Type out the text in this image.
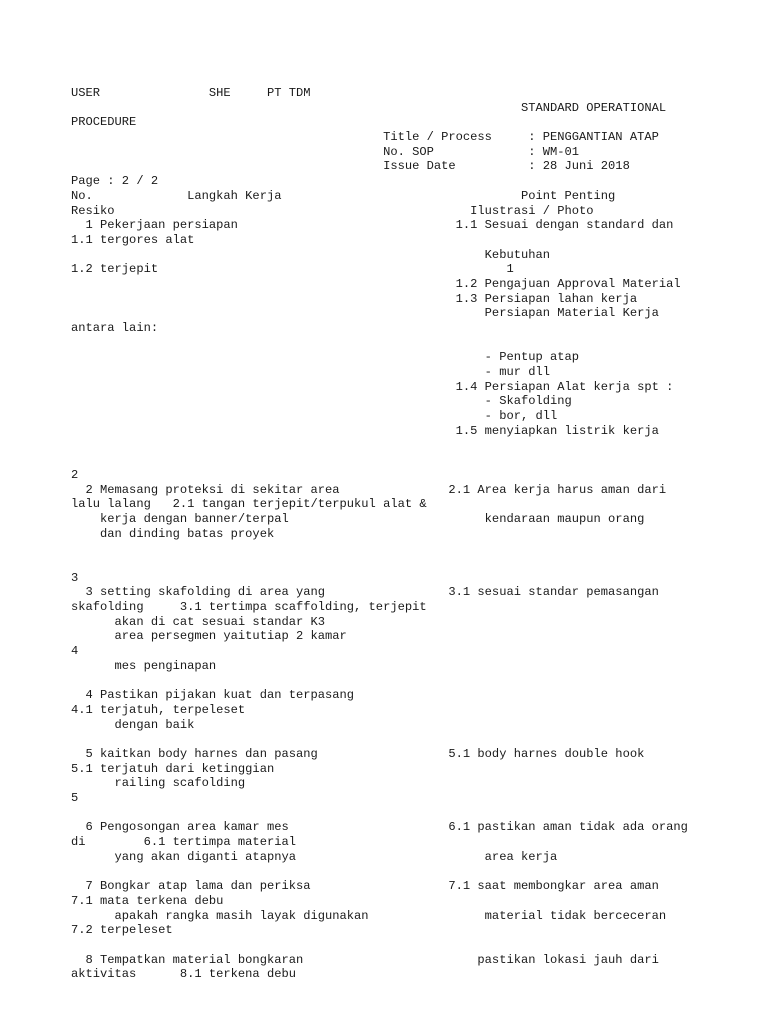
USER               SHE     PT TDM

STANDARD OPERATIONAL

PROCEDURE

Title / Process     : PENGGANTIAN ATAP

No. SOP             : WM-01

Issue Date          : 28 Juni 2018

Page : 2 / 2

No.             Langkah Kerja                                 Point Penting

Resiko                                                 Ilustrasi / Photo

1 Pekerjaan persiapan                              1.1 Sesuai dengan standard dan

1.1 tergores alat

Kebutuhan

1.2 terjepit                                                1

1.2 Pengajuan Approval Material

1.3 Persiapan lahan kerja

Persiapan Material Kerja

antara lain:

- Pentup atap

- mur dll

1.4 Persiapan Alat kerja spt :

- Skafolding

- bor, dll

1.5 menyiapkan listrik kerja

2

2 Memasang proteksi di sekitar area               2.1 Area kerja harus aman dari

lalu lalang   2.1 tangan terjepit/terpukul alat &

kerja dengan banner/terpal                           kendaraan maupun orang

dan dinding batas proyek

3

3 setting skafolding di area yang                 3.1 sesuai standar pemasangan

skafolding     3.1 tertimpa scaffolding, terjepit

akan di cat sesuai standar K3

area persegmen yaitutiap 2 kamar

4

mes penginapan

4 Pastikan pijakan kuat dan terpasang

4.1 terjatuh, terpeleset

dengan baik

5 kaitkan body harnes dan pasang                  5.1 body harnes double hook

5.1 terjatuh dari ketinggian

railing scafolding

5

6 Pengosongan area kamar mes                      6.1 pastikan aman tidak ada orang

di        6.1 tertimpa material

yang akan diganti atapnya                          area kerja

7 Bongkar atap lama dan periksa                   7.1 saat membongkar area aman

7.1 mata terkena debu

apakah rangka masih layak digunakan                material tidak berceceran

7.2 terpeleset

8 Tempatkan material bongkaran                        pastikan lokasi jauh dari

aktivitas      8.1 terkena debu
